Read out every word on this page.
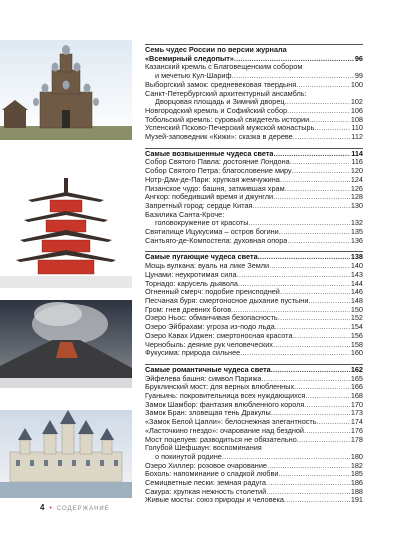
Семь чудес России по версии журнала
«Всемирный следопыт» .....	96
Казанский кремль с Благовещенским собором
и мечетью Кул-Шариф .....	99
Выборгский замок: средневековая твердыня .....	100
Санкт-Петербургский архитектурный ансамбль:
Дворцовая площадь и Зимний дворец .....	102
Новгородский кремль и Софийский собор .....	106
Тобольский кремль: суровый свидетель истории .....	108
Успенский Псково-Печерский мужской монастырь .....	110
Музей-заповедник «Кижи»: сказка в дереве .....	112
Самые возвышенные чудеса света .....	114
Собор Святого Павла: достояние Лондона .....	116
Собор Святого Петра: благословение миру .....	120
Нотр-Дам-де-Пари: хрупкая жемчужина .....	124
Пизанское чудо: башня, затмившая храм .....	126
Ангкор: победивший время и джунгли .....	128
Запретный город: сердце Китая .....	130
Базилика Санта-Кроче:
головокружение от красоты .....	132
Святилище Ицукусима – остров богини .....	135
Сантьяго-де-Компостела: духовная опора .....	136
Самые пугающие чудеса света .....	138
Мощь вулкана: вуаль на лике Земли .....	140
Цунами: неукротимая сила .....	143
Торнадо: карусель дьявола .....	144
Огненный смерч: подобие преисподней .....	146
Песчаная буря: смертоносное дыхание пустыни .....	148
Гром: гнев древних богов .....	150
Озеро Ньос: обманчивая безопасность .....	152
Озеро Эйбрахам: угроза из-подо льда .....	154
Озеро Кавах Иджен: смертоносная красота .....	156
Чернобыль: деяние рук человеческих .....	158
Фукусима: природа сильнее .....	160
Самые романтичные чудеса света .....	162
Эйфелева башня: символ Парижа .....	165
Бруклинский мост: для верных влюбленных .....	166
Гуаньинь: покровительница всех нуждающихся .....	168
Замок Шамбор: фантазия влюбленного короля .....	170
Замок Бран: зловещая тень Дракулы .....	173
«Замок Белой Цапли»: белоснежная элегантность .....	174
«Ласточкино гнездо»: очарование над бездной .....	176
Мост поцелуев: разводиться не обязательно .....	178
Голубой Шефшаун: воспоминания
о покинутой родине .....	180
Озеро Хиллер: розовое очарование .....	182
Бохоль: напоминание о сладкой любви .....	185
Семицветные пески: земная радуга .....	186
Сакура: хрупкая нежность столетий .....	188
Живые мосты: союз природы и человека .....	191
4 • СОДЕРЖАНИЕ
